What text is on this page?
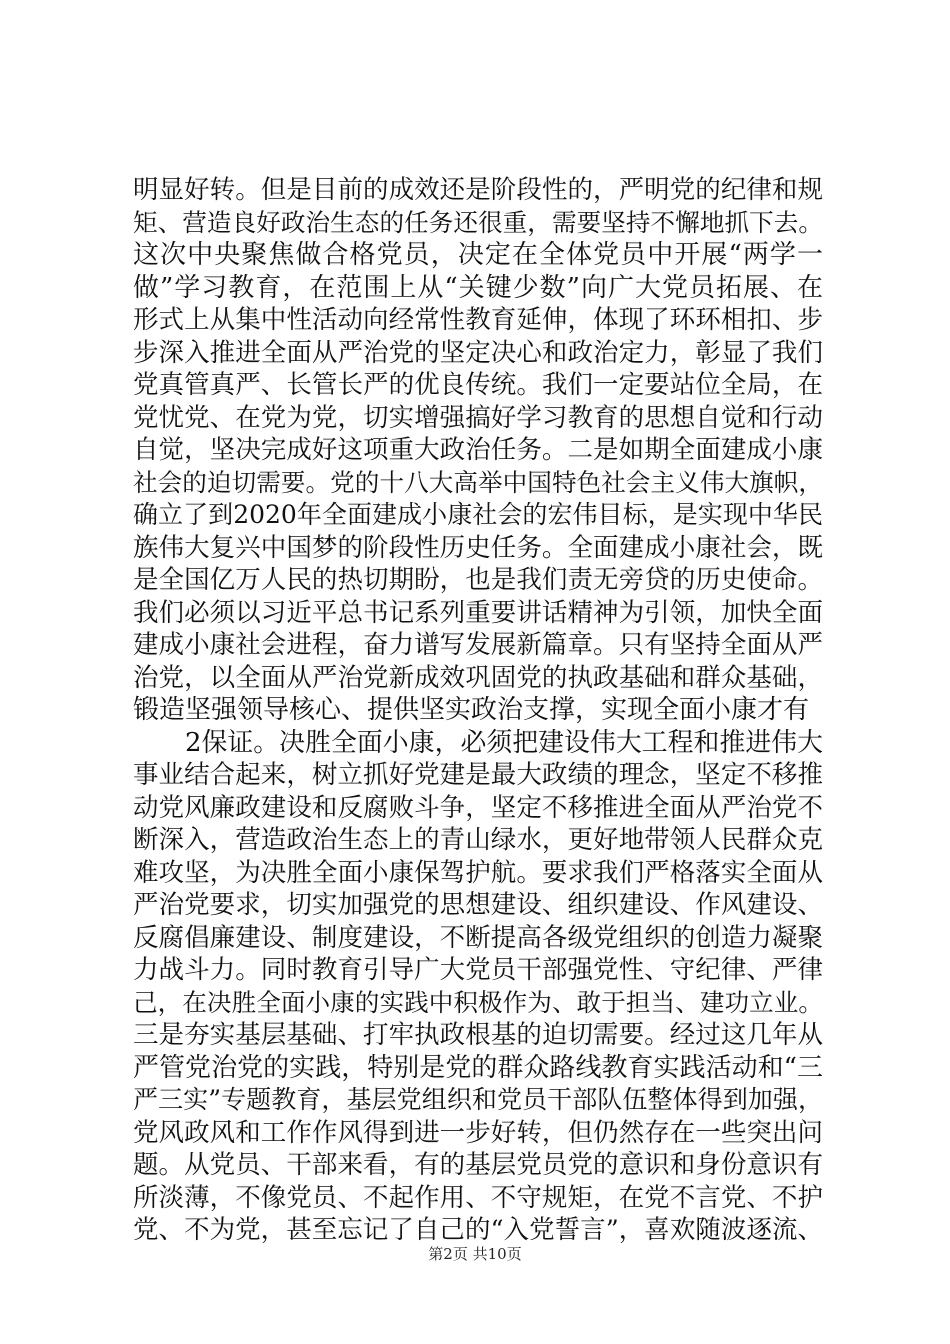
明显好转。但是目前的成效还是阶段性的，严明党的纪律和规
矩、营造良好政治生态的任务还很重，需要坚持不懈地抓下去。
这次中央聚焦做合格党员，决定在全体党员中开展“两学一
做”学习教育，在范围上从“关键少数”向广大党员拓展、在
形式上从集中性活动向经常性教育延伸，体现了环环相扣、步
步深入推进全面从严治党的坚定决心和政治定力，彰显了我们
党真管真严、长管长严的优良传统。我们一定要站位全局，在
党忧党、在党为党，切实增强搞好学习教育的思想自觉和行动
自觉，坚决完成好这项重大政治任务。二是如期全面建成小康
社会的迫切需要。党的十八大高举中国特色社会主义伟大旗帜，
确立了到2020年全面建成小康社会的宏伟目标，是实现中华民
族伟大复兴中国梦的阶段性历史任务。全面建成小康社会，既
是全国亿万人民的热切期盼，也是我们责无旁贷的历史使命。
我们必须以习近平总书记系列重要讲话精神为引领，加快全面
建成小康社会进程，奋力谱写发展新篇章。只有坚持全面从严
治党，以全面从严治党新成效巩固党的执政基础和群众基础，
锻造坚强领导核心、提供坚实政治支撑，实现全面小康才有
2保证。决胜全面小康，必须把建设伟大工程和推进伟大
事业结合起来，树立抓好党建是最大政绩的理念，坚定不移推
动党风廉政建设和反腐败斗争，坚定不移推进全面从严治党不
断深入，营造政治生态上的青山绿水，更好地带领人民群众克
难攻坚，为决胜全面小康保驾护航。要求我们严格落实全面从
严治党要求，切实加强党的思想建设、组织建设、作风建设、
反腐倡廉建设、制度建设，不断提高各级党组织的创造力凝聚
力战斗力。同时教育引导广大党员干部强党性、守纪律、严律
己，在决胜全面小康的实践中积极作为、敢于担当、建功立业。
三是夯实基层基础、打牢执政根基的迫切需要。经过这几年从
严管党治党的实践，特别是党的群众路线教育实践活动和“三
严三实”专题教育，基层党组织和党员干部队伍整体得到加强，
党风政风和工作作风得到进一步好转，但仍然存在一些突出问
题。从党员、干部来看，有的基层党员党的意识和身份意识有
所淡薄，不像党员、不起作用、不守规矩，在党不言党、不护
党、不为党，甚至忘记了自己的“入党誓言”，喜欢随波逐流、
第2页 共10页
